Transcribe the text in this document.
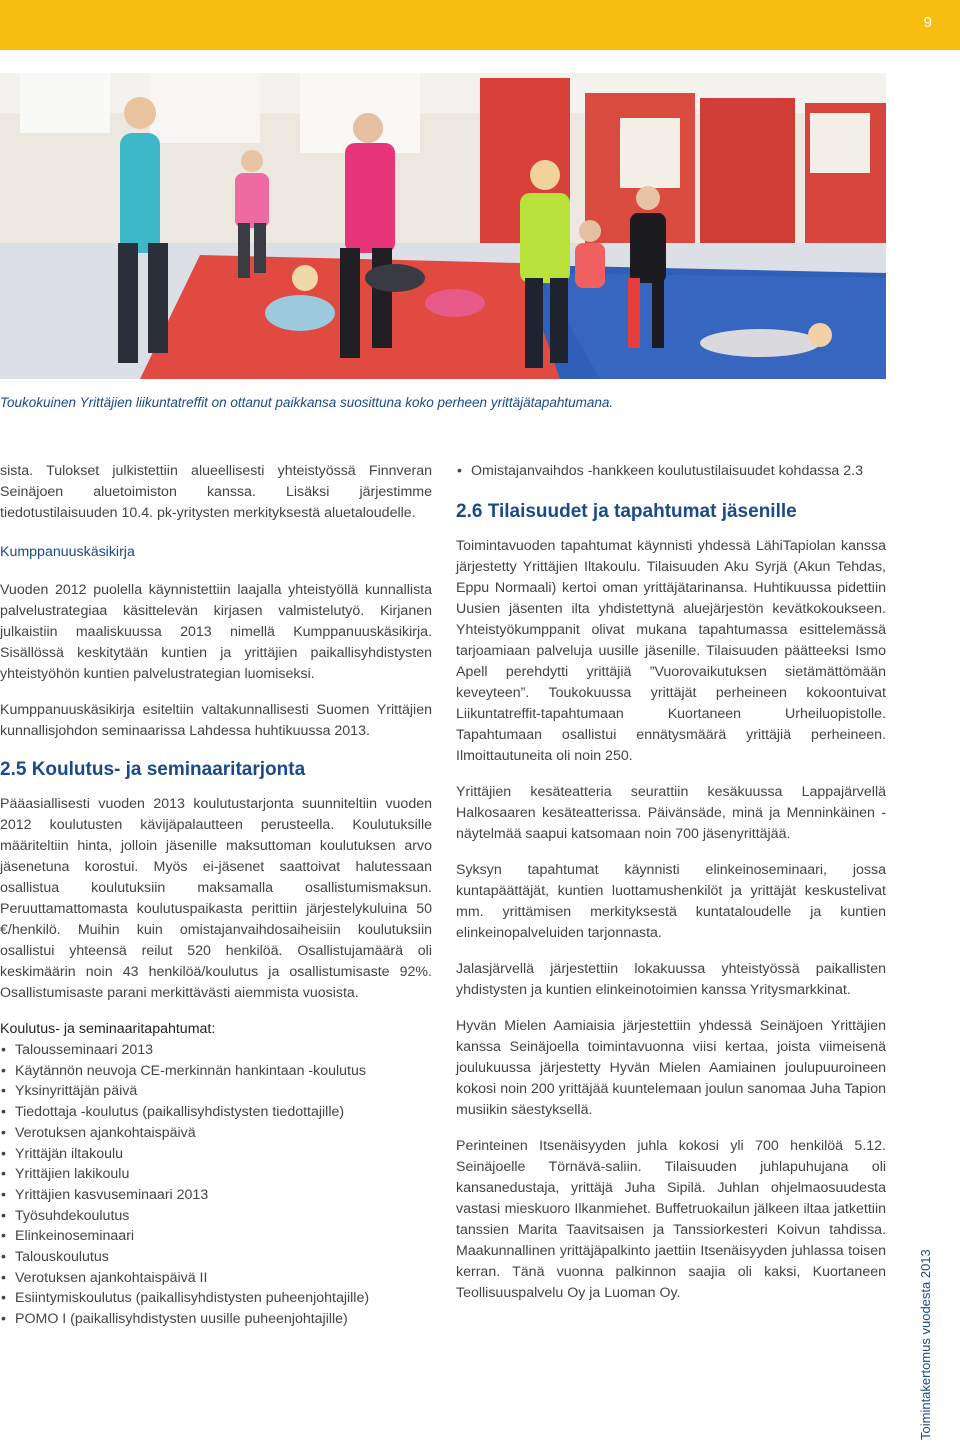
9
Toukokuinen Yrittäjien liikuntatreffit on ottanut paikkansa suosittuna koko perheen yrittäjätapahtumana.

sista. Tulokset julkistettiin alueellisesti yhteistyössä Finnveran Seinäjoen aluetoimiston kanssa. Lisäksi järjestimme tiedotustilaisuuden 10.4. pk-yritysten merkityksestä aluetaloudelle.

Kumppanuuskäsikirja

Vuoden 2012 puolella käynnistettiin laajalla yhteistyöllä kunnallista palvelustrategiaa käsittelevän kirjasen valmistelutyö. Kirjanen julkaistiin maaliskuussa 2013 nimellä Kumppanuuskäsikirja. Sisällössä keskitytään kuntien ja yrittäjien paikallisyhdistysten yhteistyöhön kuntien palvelustrategian luomiseksi.

Kumppanuuskäsikirja esiteltiin valtakunnallisesti Suomen Yrittäjien kunnallisjohdon seminaarissa Lahdessa huhtikuussa 2013.

2.5 Koulutus- ja seminaaritarjonta

Pääasiallisesti vuoden 2013 koulutustarjonta suunniteltiin vuoden 2012 koulutusten kävijäpalautteen perusteella. Koulutuksille määriteltiin hinta, jolloin jäsenille maksuttoman koulutuksen arvo jäsenetuna korostui. Myös ei-jäsenet saattoivat halutessaan osallistua koulutuksiin maksamalla osallistumismaksun. Peruuttamattomasta koulutuspaikasta perittiin järjestelykuluina 50 €/henkilö. Muihin kuin omistajanvaihdosaiheisiin koulutuksiin osallistui yhteensä reilut 520 henkilöä. Osallistujamäärä oli keskimäärin noin 43 henkilöä/koulutus ja osallistumisaste 92%. Osallistumisaste parani merkittävästi aiemmista vuosista.

Koulutus- ja seminaaritapahtumat:
• Talousseminaari 2013
• Käytännön neuvoja CE-merkinnän hankintaan -koulutus
• Yksinyrittäjän päivä
• Tiedottaja -koulutus (paikallisyhdistysten tiedottajille)
• Verotuksen ajankohtaispäivä
• Yrittäjän iltakoulu
• Yrittäjien lakikoulu
• Yrittäjien kasvuseminaari 2013
• Työsuhdekoulutus
• Elinkeinoseminaari
• Talouskoulutus
• Verotuksen ajankohtaispäivä II
• Esiintymiskoulutus (paikallisyhdistysten puheenjohtajille)
• POMO I (paikallisyhdistysten uusille puheenjohtajille)
• Omistajanvaihdos -hankkeen koulutustilaisuudet kohdassa 2.3
2.6 Tilaisuudet ja tapahtumat jäsenille

Toimintavuoden tapahtumat käynnisti yhdessä LähiTapiolan kanssa järjestetty Yrittäjien Iltakoulu. Tilaisuuden Aku Syrjä (Akun Tehdas, Eppu Normaali) kertoi oman yrittäjätarinansa. Huhtikuussa pidettiin Uusien jäsenten ilta yhdistettynä aluejärjestön kevätkokoukseen. Yhteistyökumppanit olivat mukana tapahtumassa esittelemässä tarjoamiaan palveluja uusille jäsenille. Tilaisuuden päätteeksi Ismo Apell perehdytti yrittäjiä ”Vuorovaikutuksen sietämättömään keveyteen”. Toukokuussa yrittäjät perheineen kokoontuivat Liikuntatreffit-tapahtumaan Kuortaneen Urheiluopistolle. Tapahtumaan osallistui ennätysmäärä yrittäjiä perheineen. Ilmoittautuneita oli noin 250.

Yrittäjien kesäteatteria seurattiin kesäkuussa Lappajärvellä Halkosaaren kesäteatterissa. Päivänsäde, minä ja Menninkäinen -näytelmää saapui katsomaan noin 700 jäsenyrittäjää.

Syksyn tapahtumat käynnisti elinkeinoseminaari, jossa kuntapäättäjät, kuntien luottamushenkilöt ja yrittäjät keskustelivat mm. yrittämisen merkityksestä kuntataloudelle ja kuntien elinkeinopalveluiden tarjonnasta.

Jalasjärvellä järjestettiin lokakuussa yhteistyössä paikallisten yhdistysten ja kuntien elinkeinotoimien kanssa Yritysmarkkinat.

Hyvän Mielen Aamiaisia järjestettiin yhdessä Seinäjoen Yrittäjien kanssa Seinäjoella toimintavuonna viisi kertaa, joista viimeisenä joulukuussa järjestetty Hyvän Mielen Aamiainen joulupuuroineen kokosi noin 200 yrittäjää kuuntelemaan joulun sanomaa Juha Tapion musiikin säestyksellä.

Perinteinen Itsenäisyyden juhla kokosi yli 700 henkilöä 5.12. Seinäjoelle Törnävä-saliin. Tilaisuuden juhlapuhujana oli kansanedustaja, yrittäjä Juha Sipilä. Juhlan ohjelmaosuudesta vastasi mieskuoro Ilkanmiehet. Buffetruokailun jälkeen iltaa jatkettiin tanssien Marita Taavitsaisen ja Tanssiorkesteri Koivun tahdissa. Maakunnallinen yrittäjäpalkinto jaettiin Itsenäisyyden juhlassa toisen kerran. Tänä vuonna palkinnon saajia oli kaksi, Kuortaneen Teollisuuspalvelu Oy ja Luoman Oy.	Toimintakertomus vuodesta 2013
